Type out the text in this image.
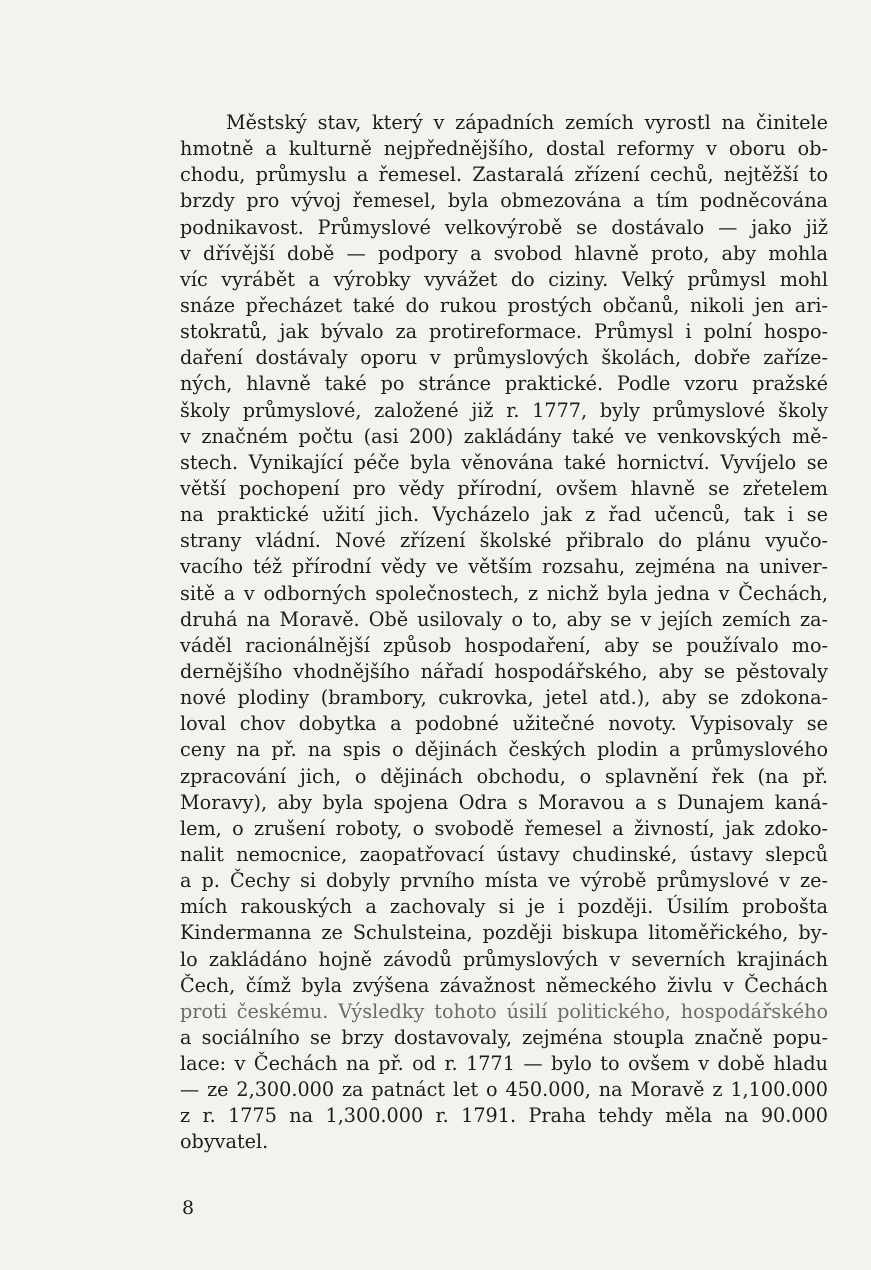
Městský stav, který v západních zemích vyrostl na činitele
hmotně a kulturně nejpřednějšího, dostal reformy v oboru ob-
chodu, průmyslu a řemesel. Zastaralá zřízení cechů, nejtěžší to
brzdy pro vývoj řemesel, byla obmezována a tím podněcována
podnikavost. Průmyslové velkovýrobě se dostávalo — jako již
v dřívější době — podpory a svobod hlavně proto, aby mohla
víc vyrábět a výrobky vyvážet do ciziny. Velký průmysl mohl
snáze přecházet také do rukou prostých občanů, nikoli jen ari-
stokratů, jak bývalo za protireformace. Průmysl i polní hospo-
daření dostávaly oporu v průmyslových školách, dobře zaříze-
ných, hlavně také po stránce praktické. Podle vzoru pražské
školy průmyslové, založené již r. 1777, byly průmyslové školy
v značném počtu (asi 200) zakládány také ve venkovských mě-
stech. Vynikající péče byla věnována také hornictví. Vyvíjelo se
větší pochopení pro vědy přírodní, ovšem hlavně se zřetelem
na praktické užití jich. Vycházelo jak z řad učenců, tak i se
strany vládní. Nové zřízení školské přibralo do plánu vyučo-
vacího též přírodní vědy ve větším rozsahu, zejména na univer-
sitě a v odborných společnostech, z nichž byla jedna v Čechách,
druhá na Moravě. Obě usilovaly o to, aby se v jejích zemích za-
váděl racionálnější způsob hospodaření, aby se používalo mo-
dernějšího vhodnějšího nářadí hospodářského, aby se pěstovaly
nové plodiny (brambory, cukrovka, jetel atd.), aby se zdokona-
loval chov dobytka a podobné užitečné novoty. Vypisovaly se
ceny na př. na spis o dějinách českých plodin a průmyslového
zpracování jich, o dějinách obchodu, o splavnění řek (na př.
Moravy), aby byla spojena Odra s Moravou a s Dunajem kaná-
lem, o zrušení roboty, o svobodě řemesel a živností, jak zdoko-
nalit nemocnice, zaopatřovací ústavy chudinské, ústavy slepců
a p. Čechy si dobyly prvního místa ve výrobě průmyslové v ze-
mích rakouských a zachovaly si je i později. Úsilím proboštа
Kindermanna ze Schulsteina, později biskupa litoměřického, by-
lo zakládáno hojně závodů průmyslových v severních krajinách
Čech, čímž byla zvýšena závažnost německého živlu v Čechách
proti českému. Výsledky tohoto úsilí politického, hospodářského
a sociálního se brzy dostavovaly, zejména stoupla značně popu-
lace: v Čechách na př. od r. 1771 — bylo to ovšem v době hladu
— ze 2,300.000 za patnáct let o 450.000, na Moravě z 1,100.000
z r. 1775 na 1,300.000 r. 1791. Praha tehdy měla na 90.000
obyvatel.

8
